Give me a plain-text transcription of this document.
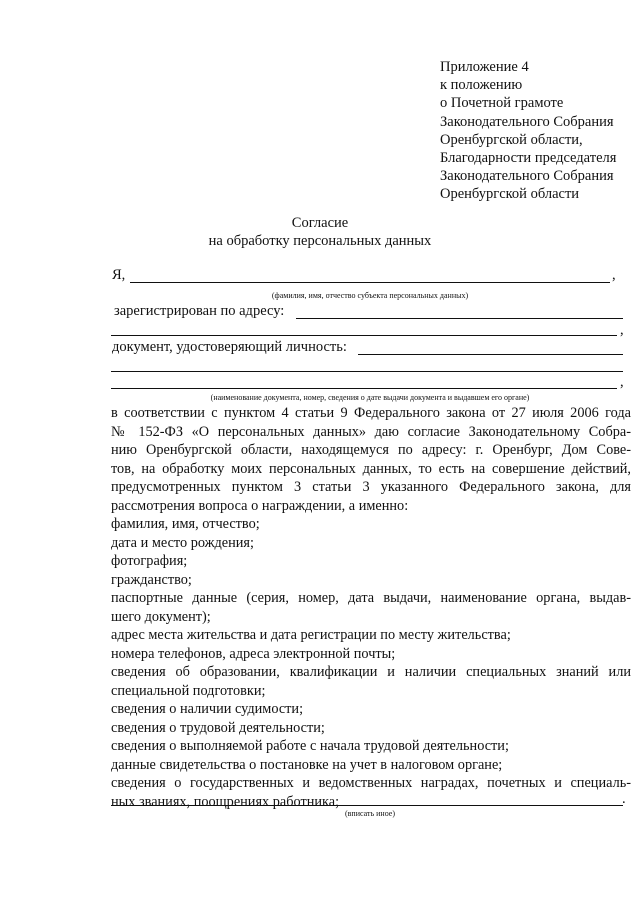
Приложение 4
к положению
о Почетной грамоте
Законодательного Собрания
Оренбургской области,
Благодарности председателя
Законодательного Собрания
Оренбургской области
Согласие
на обработку персональных данных
Я,	,
(фамилия, имя, отчество субъекта персональных данных)
зарегистрирован по адресу:
,
документ, удостоверяющий личность:
,
(наименование документа, номер, сведения о дате выдачи документа и выдавшем его органе)
в соответствии с пунктом 4 статьи 9 Федерального закона от 27 июля 2006 года
№ 152-ФЗ «О персональных данных» даю согласие Законодательному Собра-
нию Оренбургской области, находящемуся по адресу: г. Оренбург, Дом Сове-
тов, на обработку моих персональных данных, то есть на совершение действий,
предусмотренных пунктом 3 статьи 3 указанного Федерального закона, для
рассмотрения вопроса о награждении, а именно:
фамилия, имя, отчество;
дата и место рождения;
фотография;
гражданство;
паспортные данные (серия, номер, дата выдачи, наименование органа, выдав-
шего документ);
адрес места жительства и дата регистрации по месту жительства;
номера телефонов, адреса электронной почты;
сведения об образовании, квалификации и наличии специальных знаний или
специальной подготовки;
сведения о наличии судимости;
сведения о трудовой деятельности;
сведения о выполняемой работе с начала трудовой деятельности;
данные свидетельства о постановке на учет в налоговом органе;
сведения о государственных и ведомственных наградах, почетных и специаль-
ных званиях, поощрениях работника;	.
(вписать иное)
